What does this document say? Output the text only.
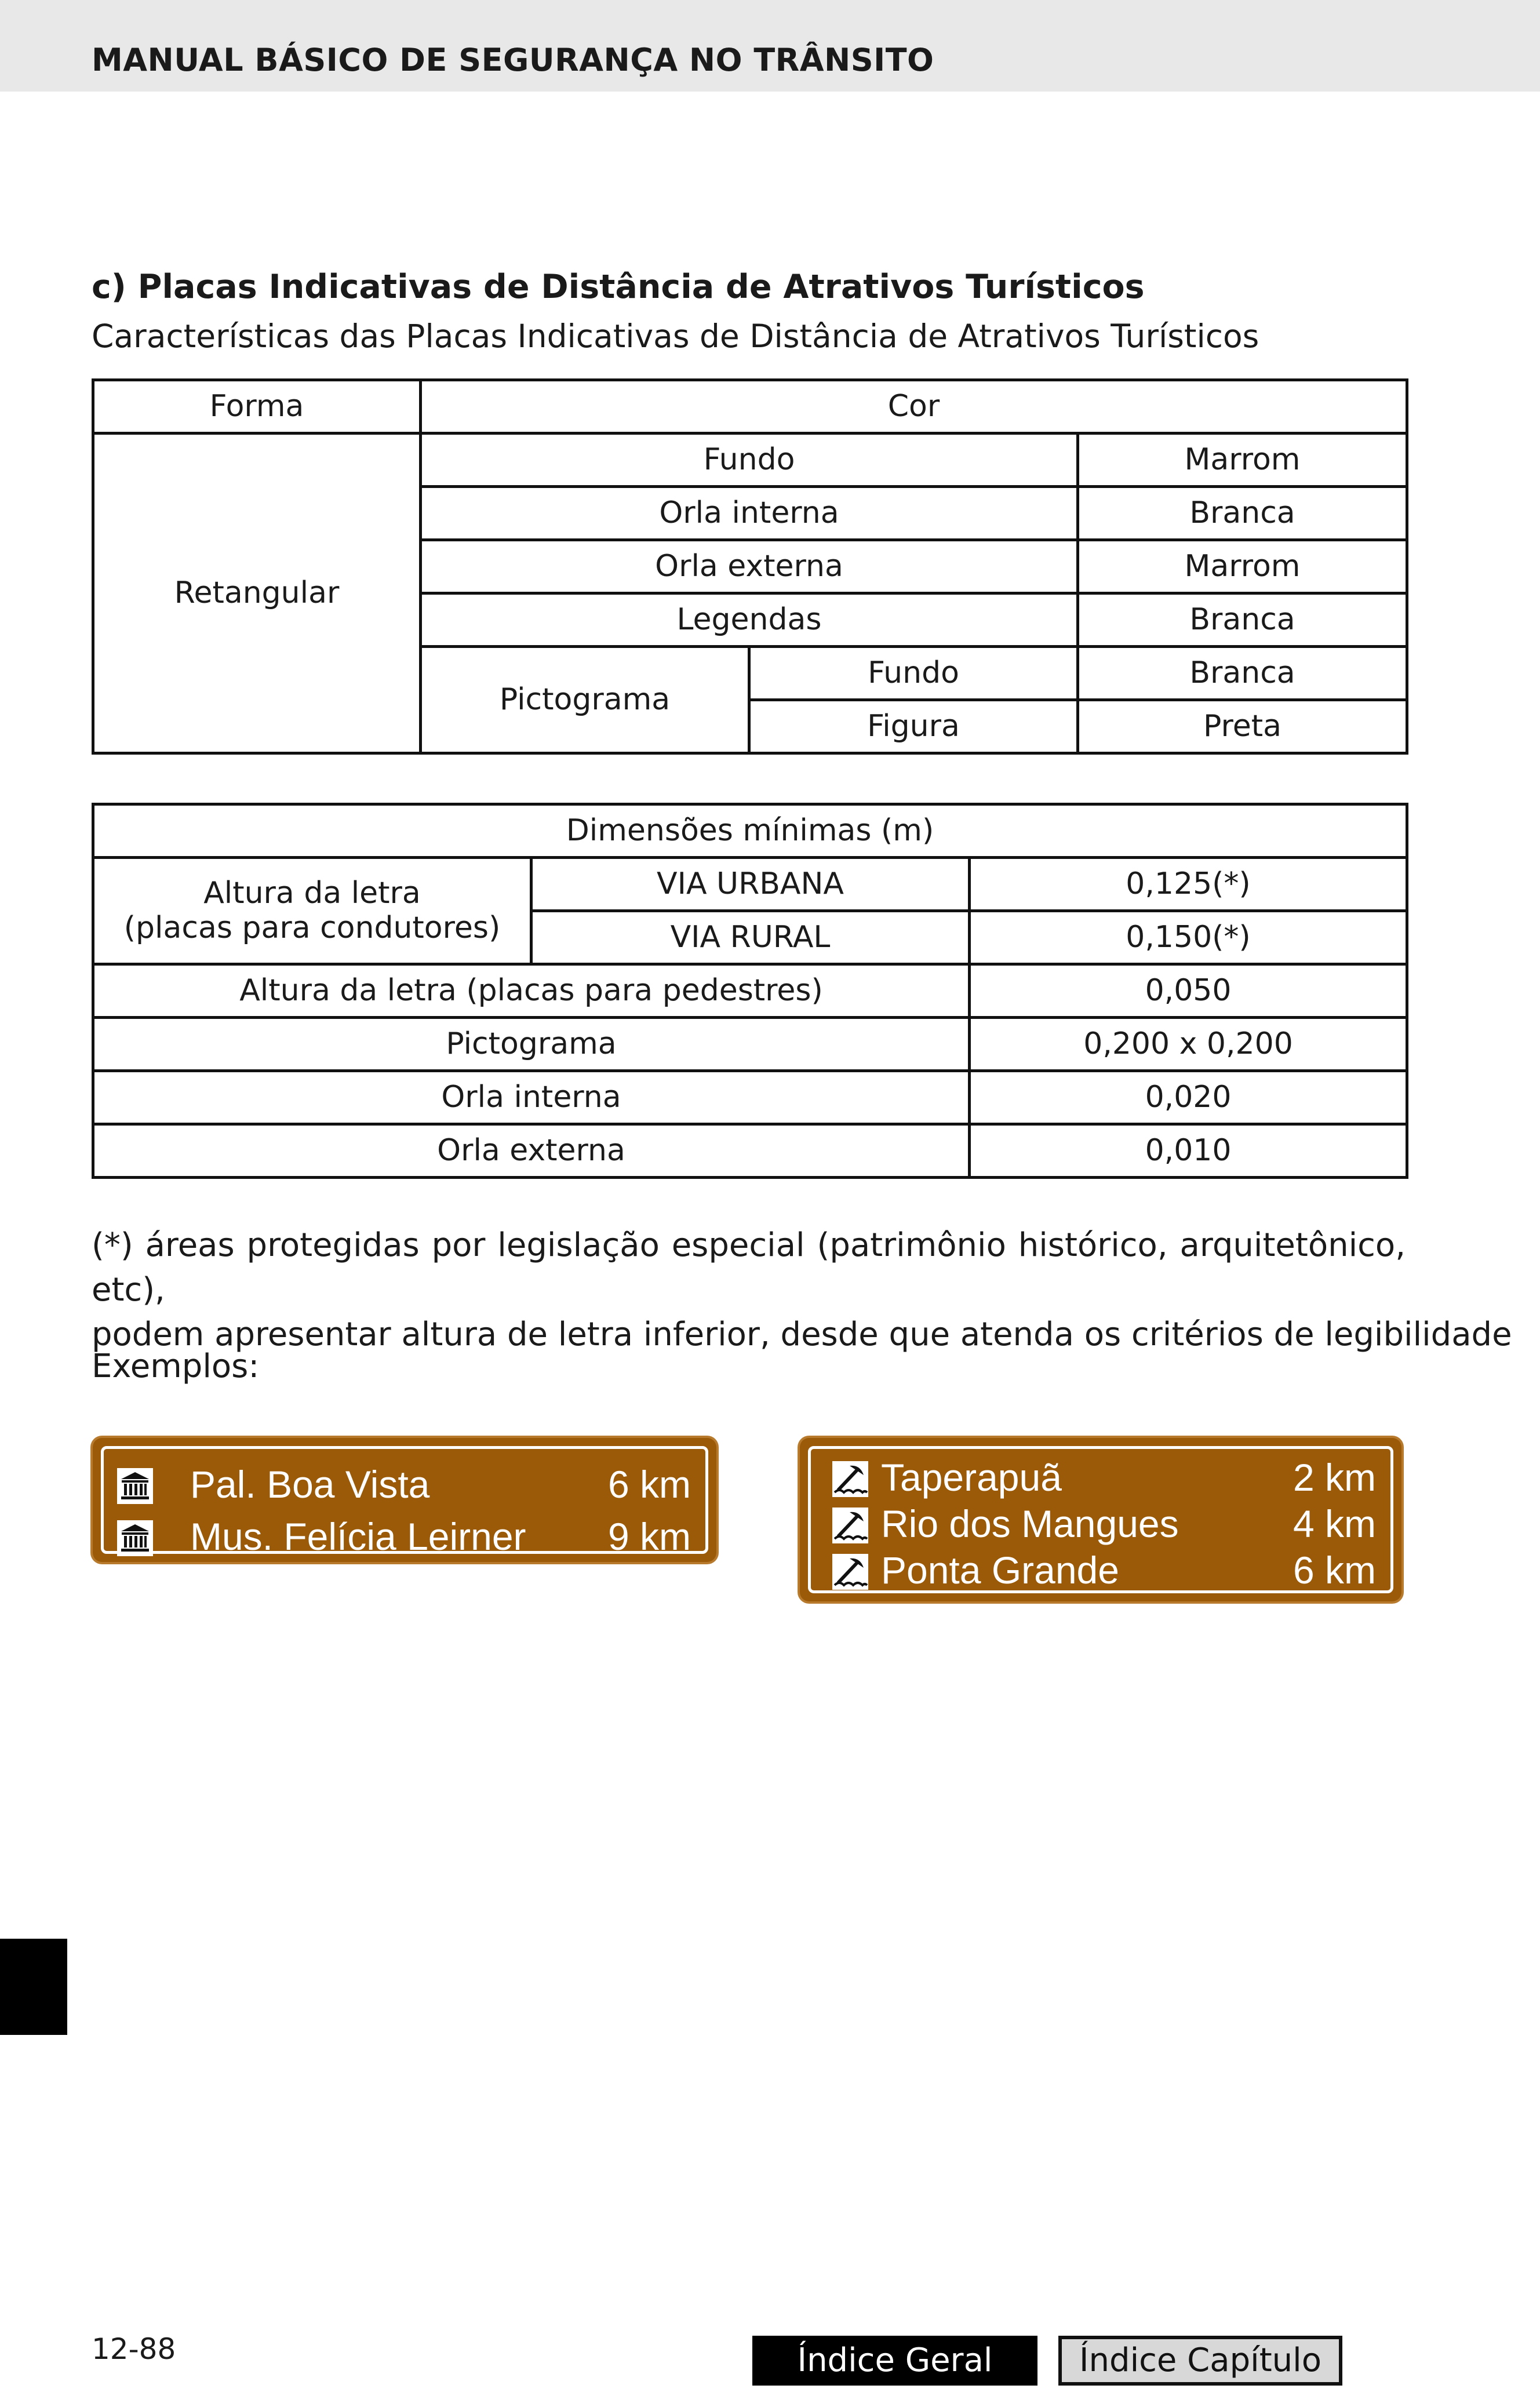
MANUAL BÁSICO DE SEGURANÇA NO TRÂNSITO
c) Placas Indicativas de Distância de Atrativos Turísticos
Características das Placas Indicativas de Distância de Atrativos Turísticos
Forma	Cor		
Retangular	Fundo		Marrom
	Orla interna		Branca
	Orla externa		Marrom
	Legendas		Branca
	Pictograma	Fundo	Branca
		Figura	Preta
Dimensões mínimas (m)		
Altura da letra
(placas para condutores)	VIA URBANA	0,125(*)
	VIA RURAL	0,150(*)
Altura da letra (placas para pedestres)		0,050
Pictograma		0,200 x 0,200
Orla interna		0,020
Orla externa		0,010
(*) áreas protegidas por legislação especial (patrimônio histórico, arquitetônico, etc),
podem apresentar altura de letra inferior, desde que atenda os critérios de legibilidade
Exemplos:
Pal. Boa Vista	6 km
Mus. Felícia Leirner 9 km
Taperapuã	2 km
Rio dos Mangues	4 km
Ponta Grande	6 km
12-88	Índice Geral	Índice Capítulo
